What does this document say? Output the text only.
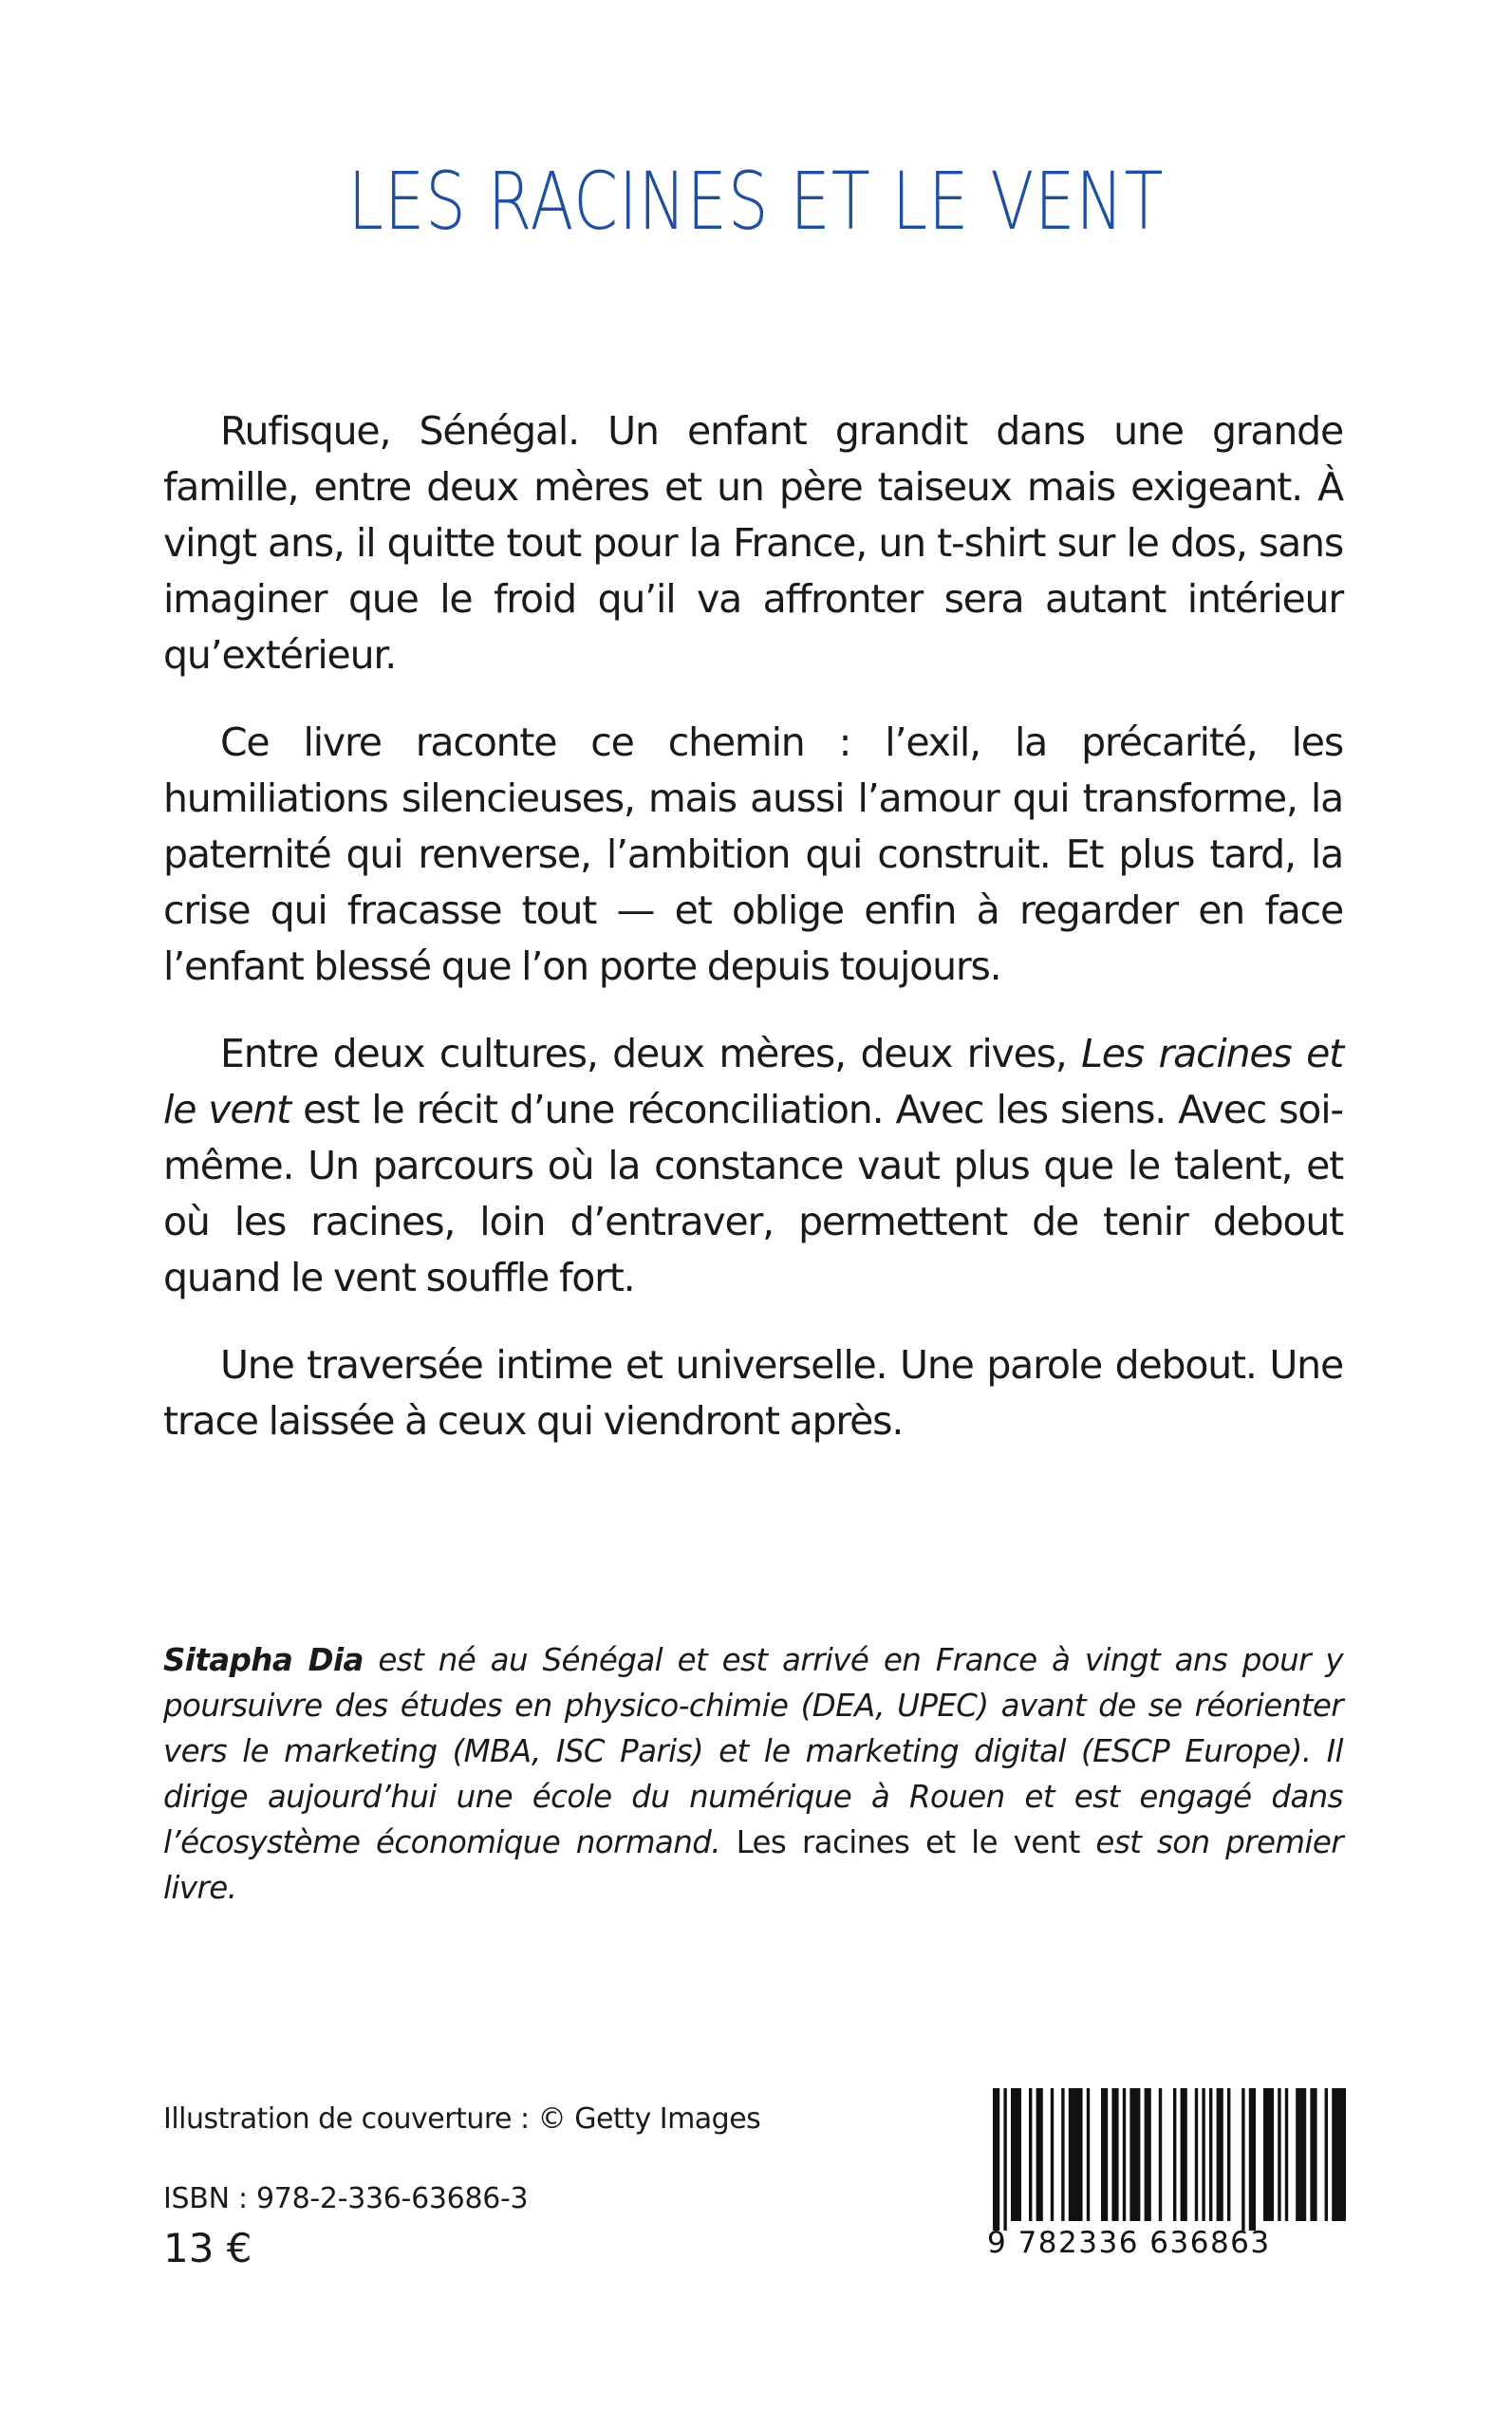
LES RACINES ET LE VENT

Rufisque, Sénégal. Un enfant grandit dans une grande famille, entre deux mères et un père taiseux mais exigeant. À vingt ans, il quitte tout pour la France, un t-shirt sur le dos, sans imaginer que le froid qu’il va affronter sera autant intérieur qu’extérieur.

Ce livre raconte ce chemin : l’exil, la précarité, les humiliations silencieuses, mais aussi l’amour qui transforme, la paternité qui renverse, l’ambition qui construit. Et plus tard, la crise qui fracasse tout — et oblige enfin à regarder en face l’enfant blessé que l’on porte depuis toujours.

Entre deux cultures, deux mères, deux rives, Les racines et le vent est le récit d’une réconciliation. Avec les siens. Avec soi-même. Un parcours où la constance vaut plus que le talent, et où les racines, loin d’entraver, permettent de tenir debout quand le vent souffle fort.

Une traversée intime et universelle. Une parole debout. Une trace laissée à ceux qui viendront après.

Sitapha Dia est né au Sénégal et est arrivé en France à vingt ans pour y poursuivre des études en physico-chimie (DEA, UPEC) avant de se réorienter vers le marketing (MBA, ISC Paris) et le marketing digital (ESCP Europe). Il dirige aujourd’hui une école du numérique à Rouen et est engagé dans l’écosystème économique normand. Les racines et le vent est son premier livre.
Illustration de couverture : © Getty Images
ISBN : 978-2-336-63686-3
13 €	9 782336 636863
